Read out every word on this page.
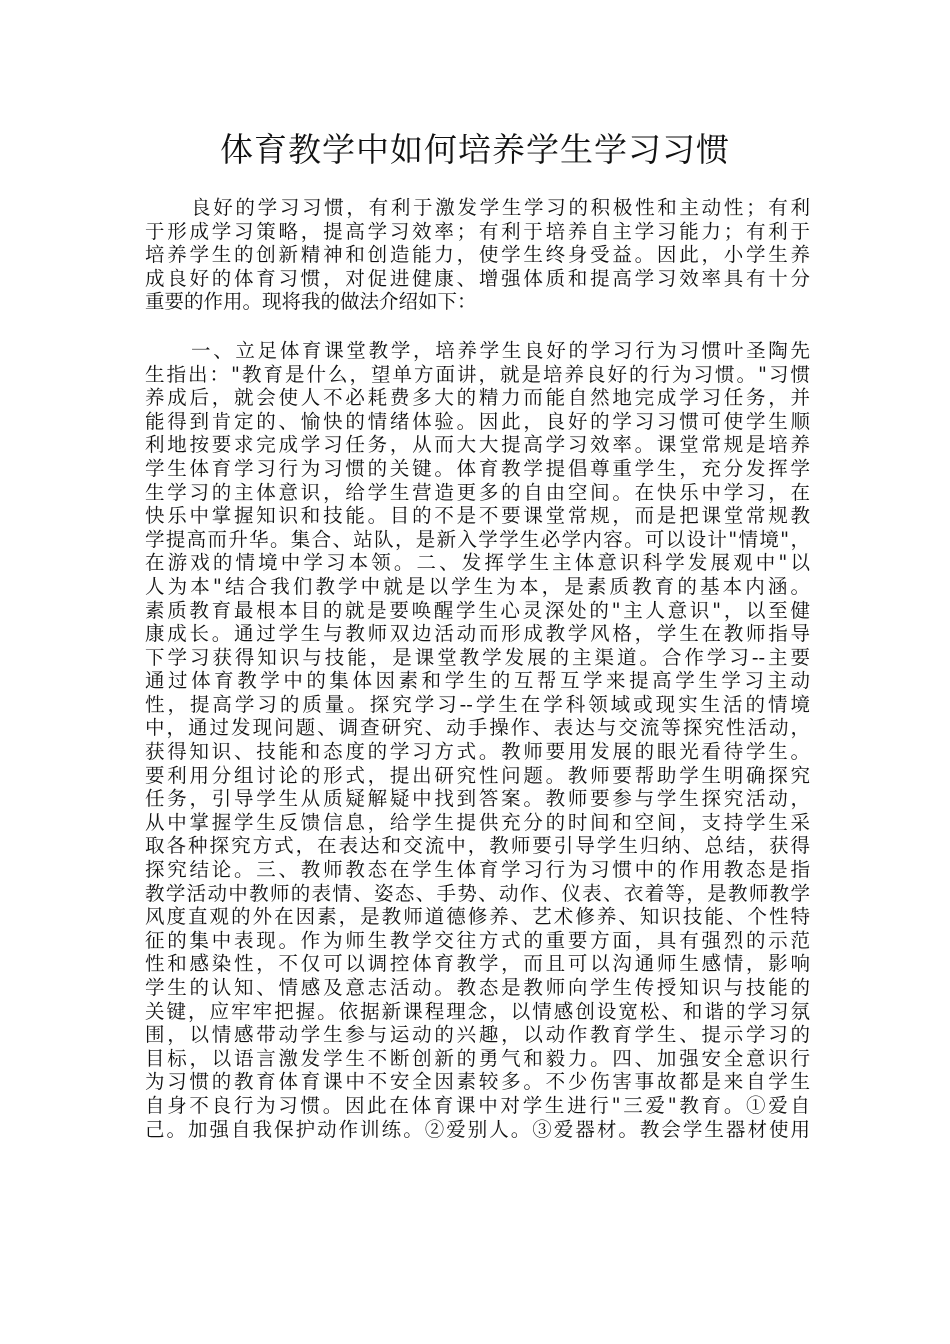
体育教学中如何培养学生学习习惯
良好的学习习惯，有利于激发学生学习的积极性和主动性；有利
于形成学习策略，提高学习效率；有利于培养自主学习能力；有利于
培养学生的创新精神和创造能力，使学生终身受益。因此，小学生养
成良好的体育习惯，对促进健康、增强体质和提高学习效率具有十分
重要的作用。现将我的做法介绍如下：
一、立足体育课堂教学，培养学生良好的学习行为习惯叶圣陶先
生指出："教育是什么，望单方面讲，就是培养良好的行为习惯。"习惯
养成后，就会使人不必耗费多大的精力而能自然地完成学习任务，并
能得到肯定的、愉快的情绪体验。因此，良好的学习习惯可使学生顺
利地按要求完成学习任务，从而大大提高学习效率。课堂常规是培养
学生体育学习行为习惯的关键。体育教学提倡尊重学生，充分发挥学
生学习的主体意识，给学生营造更多的自由空间。在快乐中学习，在
快乐中掌握知识和技能。目的不是不要课堂常规，而是把课堂常规教
学提高而升华。集合、站队，是新入学学生必学内容。可以设计"情境"，
在游戏的情境中学习本领。二、发挥学生主体意识科学发展观中"以
人为本"结合我们教学中就是以学生为本，是素质教育的基本内涵。
素质教育最根本目的就是要唤醒学生心灵深处的"主人意识"，以至健
康成长。通过学生与教师双边活动而形成教学风格，学生在教师指导
下学习获得知识与技能，是课堂教学发展的主渠道。合作学习--主要
通过体育教学中的集体因素和学生的互帮互学来提高学生学习主动
性，提高学习的质量。探究学习--学生在学科领域或现实生活的情境
中，通过发现问题、调查研究、动手操作、表达与交流等探究性活动，
获得知识、技能和态度的学习方式。教师要用发展的眼光看待学生。
要利用分组讨论的形式，提出研究性问题。教师要帮助学生明确探究
任务，引导学生从质疑解疑中找到答案。教师要参与学生探究活动，
从中掌握学生反馈信息，给学生提供充分的时间和空间，支持学生采
取各种探究方式，在表达和交流中，教师要引导学生归纳、总结，获得
探究结论。三、教师教态在学生体育学习行为习惯中的作用教态是指
教学活动中教师的表情、姿态、手势、动作、仪表、衣着等，是教师教学
风度直观的外在因素，是教师道德修养、艺术修养、知识技能、个性特
征的集中表现。作为师生教学交往方式的重要方面，具有强烈的示范
性和感染性，不仅可以调控体育教学，而且可以沟通师生感情，影响
学生的认知、情感及意志活动。教态是教师向学生传授知识与技能的
关键，应牢牢把握。依据新课程理念，以情感创设宽松、和谐的学习氛
围，以情感带动学生参与运动的兴趣，以动作教育学生、提示学习的
目标，以语言激发学生不断创新的勇气和毅力。四、加强安全意识行
为习惯的教育体育课中不安全因素较多。不少伤害事故都是来自学生
自身不良行为习惯。因此在体育课中对学生进行"三爱"教育。①爱自
己。加强自我保护动作训练。②爱别人。③爱器材。教会学生器材使用
